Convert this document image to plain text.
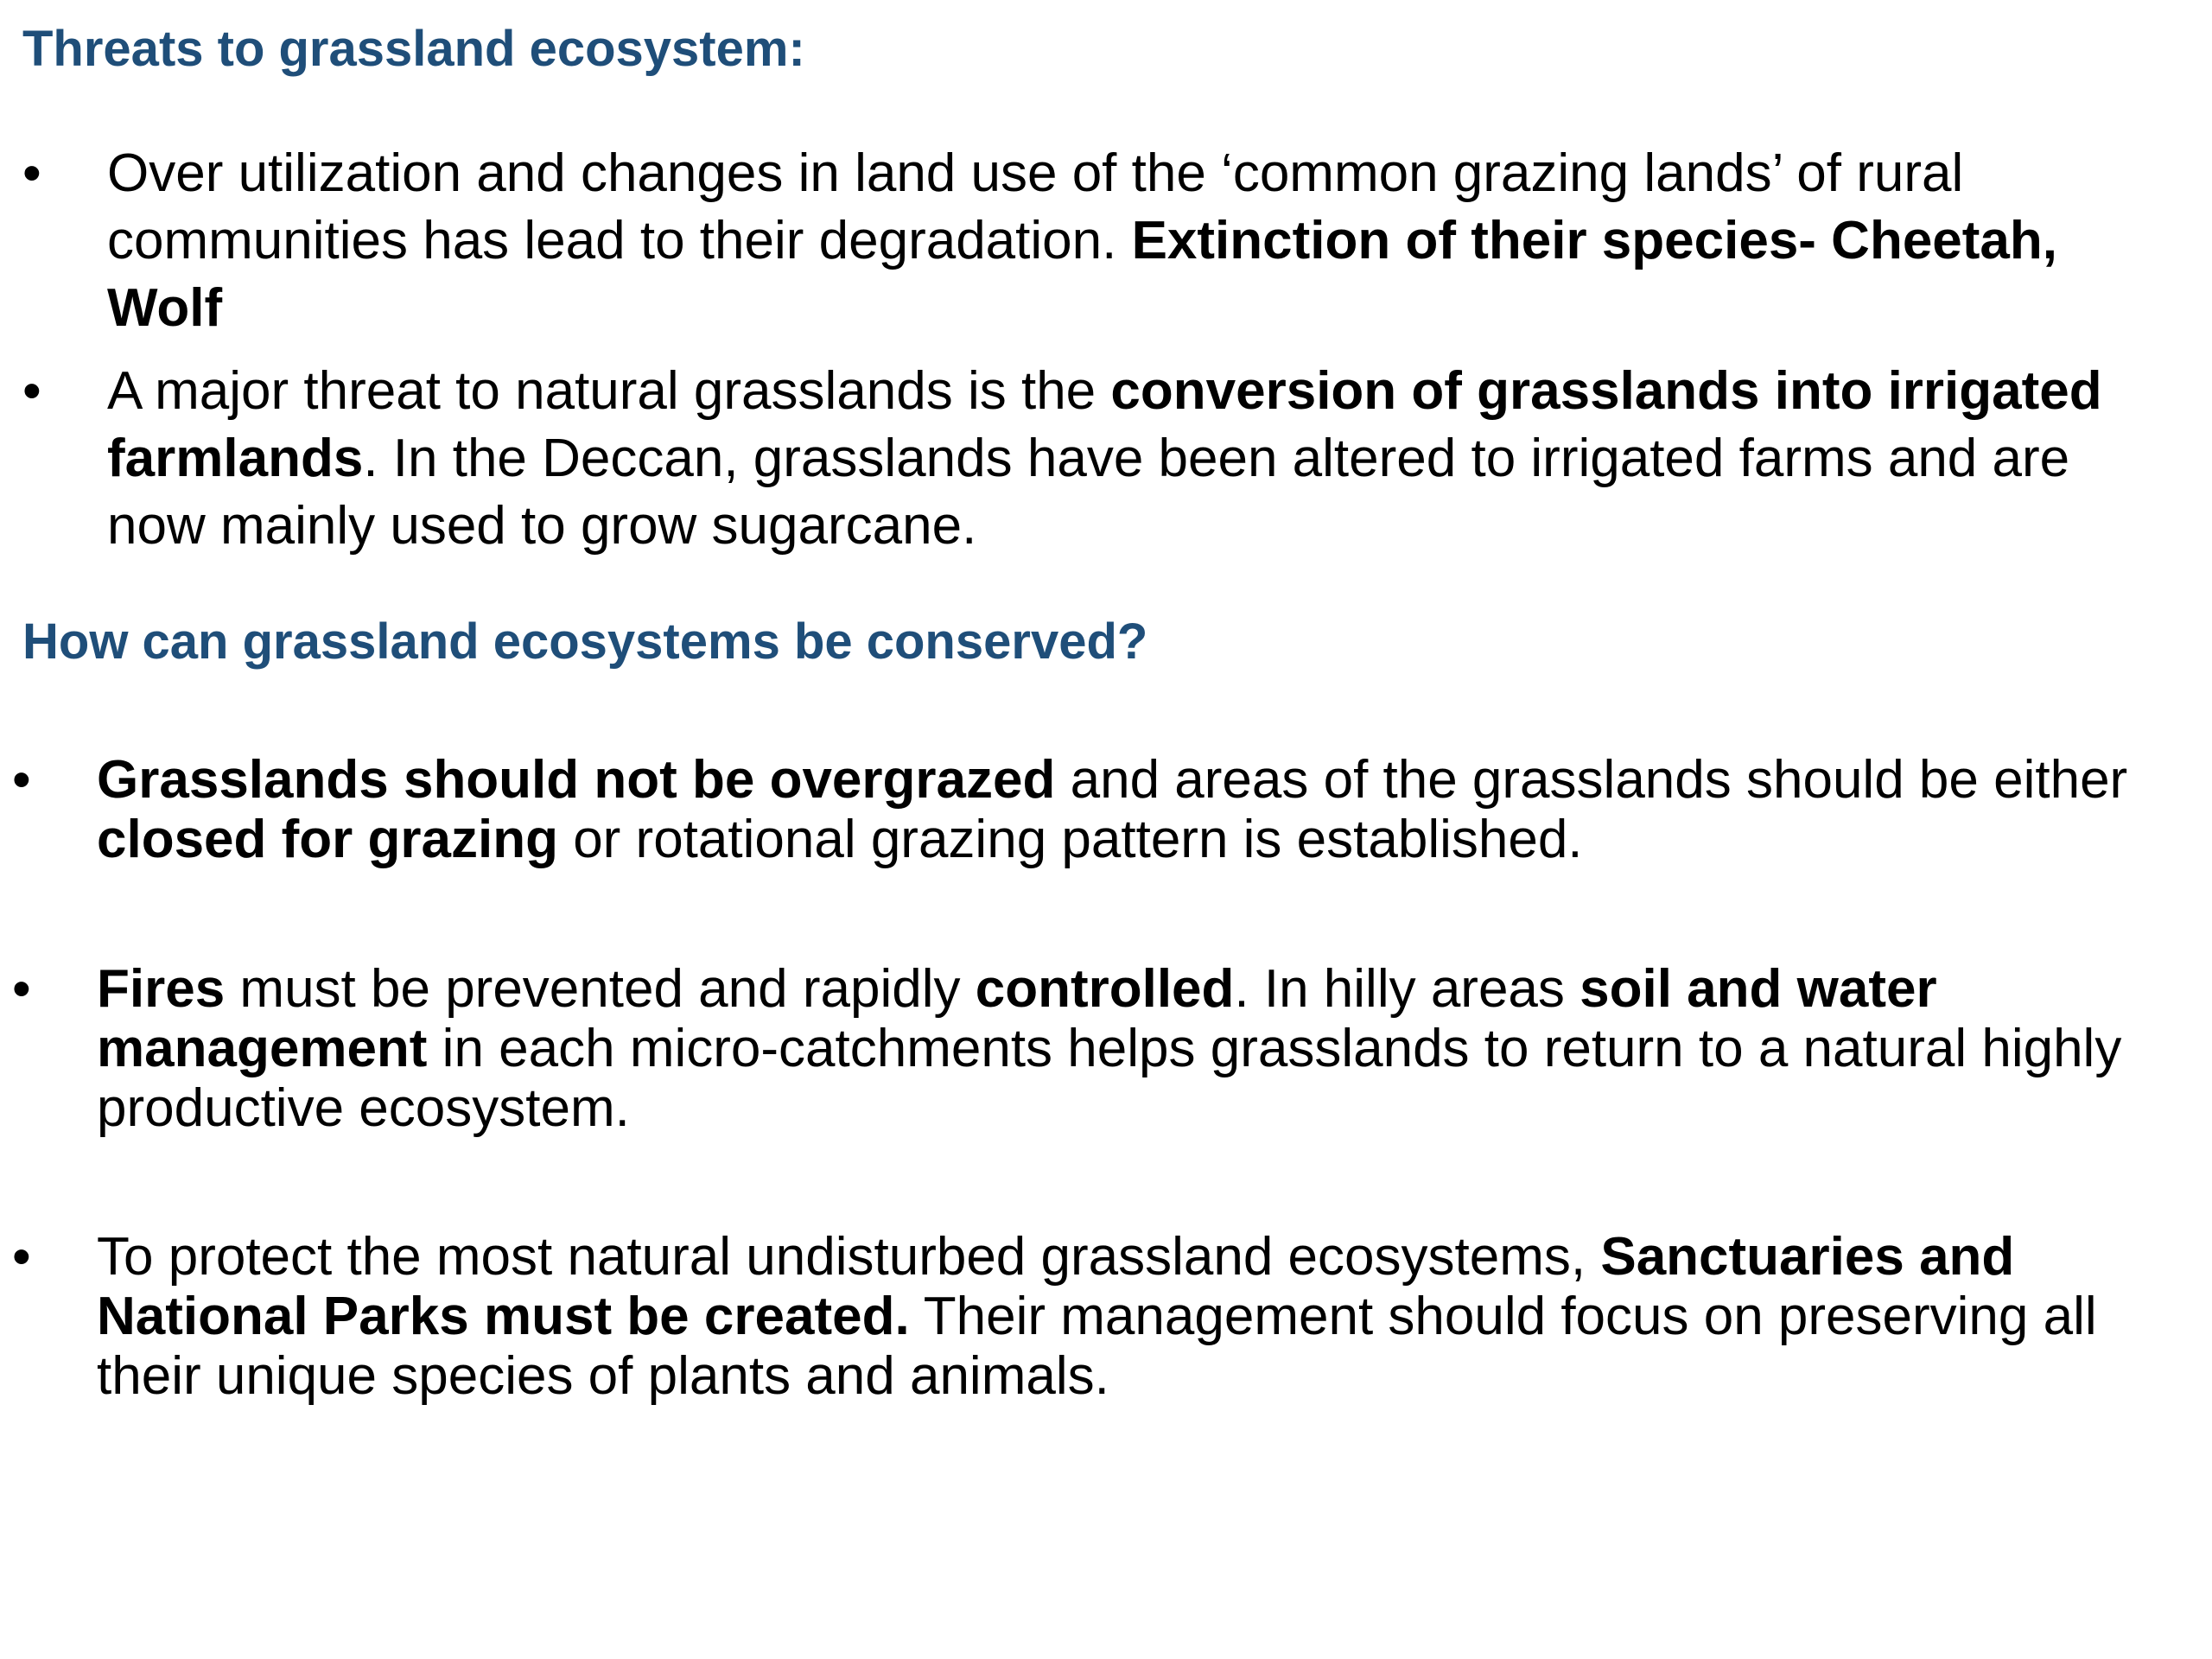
Threats to grassland ecosystem:
•	Over utilization and changes in land use of the ‘common grazing lands’ of rural communities has lead to their degradation. Extinction of their species- Cheetah, Wolf
•	A major threat to natural grasslands is the conversion of grasslands into irrigated farmlands. In the Deccan, grasslands have been altered to irrigated farms and are now mainly used to grow sugarcane.
How can grassland ecosystems be conserved?
•	Grasslands should not be overgrazed and areas of the grasslands should be either closed for grazing or rotational grazing pattern is established.
•	Fires must be prevented and rapidly controlled. In hilly areas soil and water management in each micro-catchments helps grasslands to return to a natural highly productive ecosystem.
•	To protect the most natural undisturbed grassland ecosystems, Sanctuaries and National Parks must be created. Their management should focus on preserving all their unique species of plants and animals.
